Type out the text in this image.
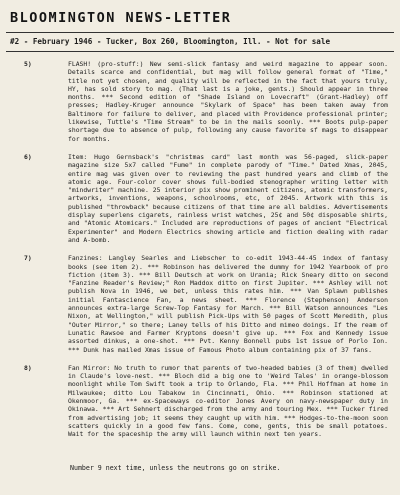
BLOOMINGTON NEWS-LETTER
#2 - February 1946 - Tucker, Box 260, Bloomington, Ill. - Not for sale
5)	FLASH! (pro-stuff:) New semi-slick fantasy and weird magazine to appear soon. Details scarce and confidential, but mag will follow general format of "Time," title not yet chosen, and quality will be reflected in the fact that yours truly, HY, has sold story to mag. (That last is a joke, gents.) Should appear in three months. *** Second edition of "Shade Island on Lovecraft" (Grant-Hadley) off presses; Hadley-Kruger announce "Skylark of Space" has been taken away from Baltimore for failure to deliver, and placed with Providence professional printer; likewise, Tuttle's "Time Stream" to be in the mails soonly. *** Boots pulp-paper shortage due to absence of pulp, following any cause favorite sf mags to disappear for months.
6)	Item: Hugo Gernsback's "christmas card" last month was 56-paged, slick-paper magazine size 5x7 called "Fume" in complete parody of "Time." Dated Xmas, 2045, entire mag was given over to reviewing the past hundred years and climb of the atomic age. Four-color cover shows full-bodied stenographer writing letter with "mindwriter" machine. 25 interior pix show prominent citizens, atomic transformers, artworks, inventions, weapons, schoolrooms, etc, of 2045. Artwork with this is published "throwback" because citizens of that time are all baldies. Advertisements display superlens cigarets, rainless wrist watches, 25¢ and 50¢ disposable shirts, and "Atomic Atomicars." Included are reproductions of pages of ancient "Electrical Experimenter" and Modern Electrics showing article and fiction dealing with radar and A-bomb.
7)	Fanzines: Langley Searles and Liebscher to co-edit 1943-44-45 index of fantasy books (see item 2). *** Robinson has delivered the dummy for 1942 Yearbook of pro fiction (item 3). *** Bill Deutsch at work on Urania; Rick Sneary ditto on second "Fanzine Reader's Review;" Ron Maddox ditto on first Jupiter. *** Ashley will not publish Nova in 1946, we bet, unless this rates him. *** Van Splawn publishes initial Fantascience Fan, a news sheet. *** Florence (Stephenson) Anderson announces extra-large Screw-Top Fantasy for March. *** Bill Watson announces "Les Nixon, at Wellington," will publish Pick-Ups with 50 pages of Scott Meredith, plus "Outer Mirror," so there; Laney tells of his Ditto and mimeo doings. If the ream of Lunatic Rawsoe and Farmer Kryptons doesn't give up. *** Fox and Kennedy issue assorted dinkus, a one-shot. *** Pvt. Kenny Bonnell pubs 1st issue of Porlo Ion. *** Dunk has mailed Xmas issue of Famous Photo album containing pix of 37 fans.
8)	Fan Mirror: No truth to rumor that parents of two-headed babies (3 of them) dwelled in Claude's love-nest. *** Bloch did a big one to 'Weird Tales' in orange-blossom moonlight while Tom Swift took a trip to Orlando, Fla. *** Phil Hoffman at home in Milwaukee; ditto Lou Tabakow in Cincinnati, Ohio. *** Robinson stationed at Okenmoor, Ga. *** ex-Spaceways co-editor Jones Avery on navy-newspaper duty in Okinawa. *** Art Sehnert discharged from the army and touring Mex. *** Tucker fired from advertising job; it seems they caught up with him. *** Hodges-to-the-moon soon scatters quickly in a good few fans. Come, come, gents, this be small potatoes. Wait for the spaceship the army will launch within next ten years.
Number 9 next time, unless the neutrons go on strike.
